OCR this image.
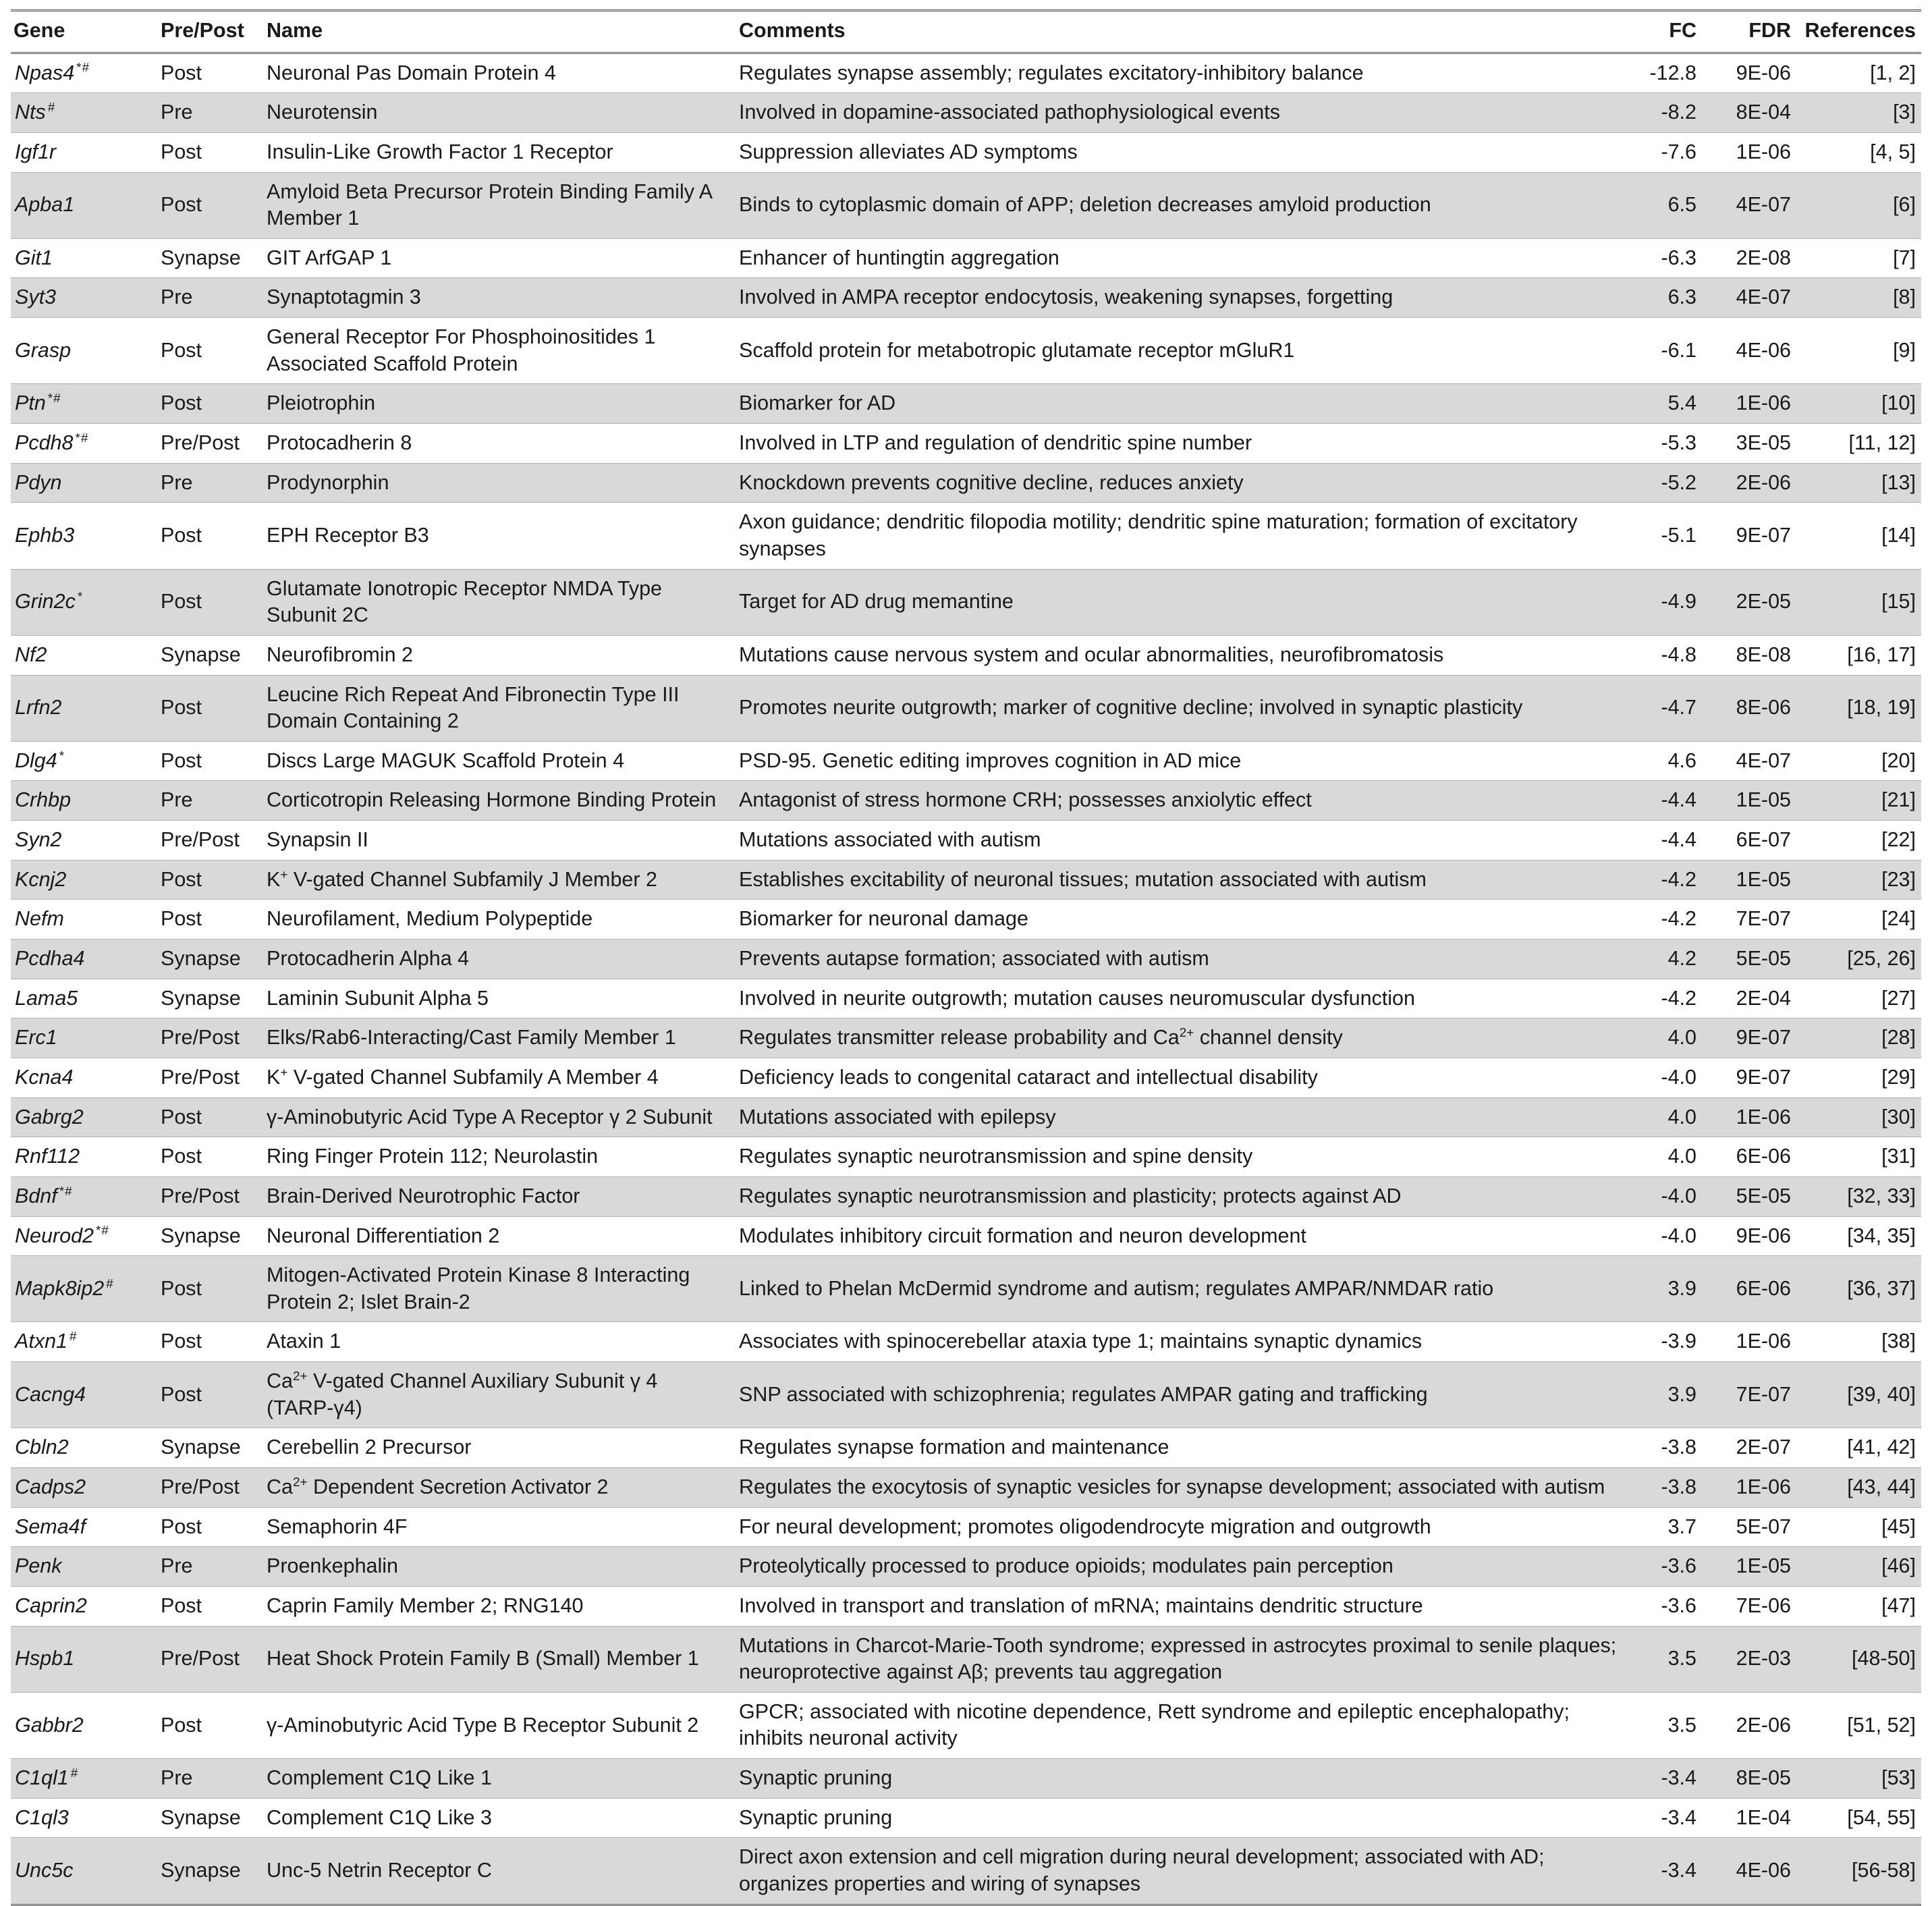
Gene	Pre/Post	Name	Comments	FC	FDR	References
Npas4 *#	Post	Neuronal Pas Domain Protein 4	Regulates synapse assembly; regulates excitatory-inhibitory balance	-12.8	9E-06	[1, 2]
Nts #	Pre	Neurotensin	Involved in dopamine-associated pathophysiological events	-8.2	8E-04	[3]
Igf1r	Post	Insulin-Like Growth Factor 1 Receptor	Suppression alleviates AD symptoms	-7.6	1E-06	[4, 5]
Apba1	Post	Amyloid Beta Precursor Protein Binding Family A Member 1	Binds to cytoplasmic domain of APP; deletion decreases amyloid production	6.5	4E-07	[6]
Git1	Synapse	GIT ArfGAP 1	Enhancer of huntingtin aggregation	-6.3	2E-08	[7]
Syt3	Pre	Synaptotagmin 3	Involved in AMPA receptor endocytosis, weakening synapses, forgetting	6.3	4E-07	[8]
Grasp	Post	General Receptor For Phosphoinositides 1 Associated Scaffold Protein	Scaffold protein for metabotropic glutamate receptor mGluR1	-6.1	4E-06	[9]
Ptn *#	Post	Pleiotrophin	Biomarker for AD	5.4	1E-06	[10]
Pcdh8 *#	Pre/Post	Protocadherin 8	Involved in LTP and regulation of dendritic spine number	-5.3	3E-05	[11, 12]
Pdyn	Pre	Prodynorphin	Knockdown prevents cognitive decline, reduces anxiety	-5.2	2E-06	[13]
Ephb3	Post	EPH Receptor B3	Axon guidance; dendritic filopodia motility; dendritic spine maturation; formation of excitatory synapses	-5.1	9E-07	[14]
Grin2c *	Post	Glutamate Ionotropic Receptor NMDA Type Subunit 2C	Target for AD drug memantine	-4.9	2E-05	[15]
Nf2	Synapse	Neurofibromin 2	Mutations cause nervous system and ocular abnormalities, neurofibromatosis	-4.8	8E-08	[16, 17]
Lrfn2	Post	Leucine Rich Repeat And Fibronectin Type III Domain Containing 2	Promotes neurite outgrowth; marker of cognitive decline; involved in synaptic plasticity	-4.7	8E-06	[18, 19]
Dlg4 *	Post	Discs Large MAGUK Scaffold Protein 4	PSD-95. Genetic editing improves cognition in AD mice	4.6	4E-07	[20]
Crhbp	Pre	Corticotropin Releasing Hormone Binding Protein	Antagonist of stress hormone CRH; possesses anxiolytic effect	-4.4	1E-05	[21]
Syn2	Pre/Post	Synapsin II	Mutations associated with autism	-4.4	6E-07	[22]
Kcnj2	Post	K+ V-gated Channel Subfamily J Member 2	Establishes excitability of neuronal tissues; mutation associated with autism	-4.2	1E-05	[23]
Nefm	Post	Neurofilament, Medium Polypeptide	Biomarker for neuronal damage	-4.2	7E-07	[24]
Pcdha4	Synapse	Protocadherin Alpha 4	Prevents autapse formation; associated with autism	4.2	5E-05	[25, 26]
Lama5	Synapse	Laminin Subunit Alpha 5	Involved in neurite outgrowth; mutation causes neuromuscular dysfunction	-4.2	2E-04	[27]
Erc1	Pre/Post	Elks/Rab6-Interacting/Cast Family Member 1	Regulates transmitter release probability and $Ca^{2+}$ channel density	4.0	9E-07	[28]
Kcna4	Pre/Post	K+ V-gated Channel Subfamily A Member 4	Deficiency leads to congenital cataract and intellectual disability	-4.0	9E-07	[29]
Gabrg2	Post	γ-Aminobutyric Acid Type A Receptor γ 2 Subunit	Mutations associated with epilepsy	4.0	1E-06	[30]
Rnf112	Post	Ring Finger Protein 112; Neurolastin	Regulates synaptic neurotransmission and spine density	4.0	6E-06	[31]
Bdnf *#	Pre/Post	Brain-Derived Neurotrophic Factor	Regulates synaptic neurotransmission and plasticity; protects against AD	-4.0	5E-05	[32, 33]
Neurod2 *#	Synapse	Neuronal Differentiation 2	Modulates inhibitory circuit formation and neuron development	-4.0	9E-06	[34, 35]
Mapk8ip2 #	Post	Mitogen-Activated Protein Kinase 8 Interacting Protein 2; Islet Brain-2	Linked to Phelan McDermid syndrome and autism; regulates AMPAR/NMDAR ratio	3.9	6E-06	[36, 37]
Atxn1 #	Post	Ataxin 1	Associates with spinocerebellar ataxia type 1; maintains synaptic dynamics	-3.9	1E-06	[38]
Cacng4	Post	$Ca^{2+}$ V-gated Channel Auxiliary Subunit γ 4 (TARP-γ4)	SNP associated with schizophrenia; regulates AMPAR gating and trafficking	3.9	7E-07	[39, 40]
Cbln2	Synapse	Cerebellin 2 Precursor	Regulates synapse formation and maintenance	-3.8	2E-07	[41, 42]
Cadps2	Pre/Post	$Ca^{2+}$ Dependent Secretion Activator 2	Regulates the exocytosis of synaptic vesicles for synapse development; associated with autism	-3.8	1E-06	[43, 44]
Sema4f	Post	Semaphorin 4F	For neural development; promotes oligodendrocyte migration and outgrowth	3.7	5E-07	[45]
Penk	Pre	Proenkephalin	Proteolytically processed to produce opioids; modulates pain perception	-3.6	1E-05	[46]
Caprin2	Post	Caprin Family Member 2; RNG140	Involved in transport and translation of mRNA; maintains dendritic structure	-3.6	7E-06	[47]
Hspb1	Pre/Post	Heat Shock Protein Family B (Small) Member 1	Mutations in Charcot-Marie-Tooth syndrome; expressed in astrocytes proximal to senile plaques; neuroprotective against Aβ; prevents tau aggregation	3.5	2E-03	[48-50]
Gabbr2	Post	γ-Aminobutyric Acid Type B Receptor Subunit 2	GPCR; associated with nicotine dependence, Rett syndrome and epileptic encephalopathy; inhibits neuronal activity	3.5	2E-06	[51, 52]
C1ql1 #	Pre	Complement C1Q Like 1	Synaptic pruning	-3.4	8E-05	[53]
C1ql3	Synapse	Complement C1Q Like 3	Synaptic pruning	-3.4	1E-04	[54, 55]
Unc5c	Synapse	Unc-5 Netrin Receptor C	Direct axon extension and cell migration during neural development; associated with AD; organizes properties and wiring of synapses	-3.4	4E-06	[56-58]
